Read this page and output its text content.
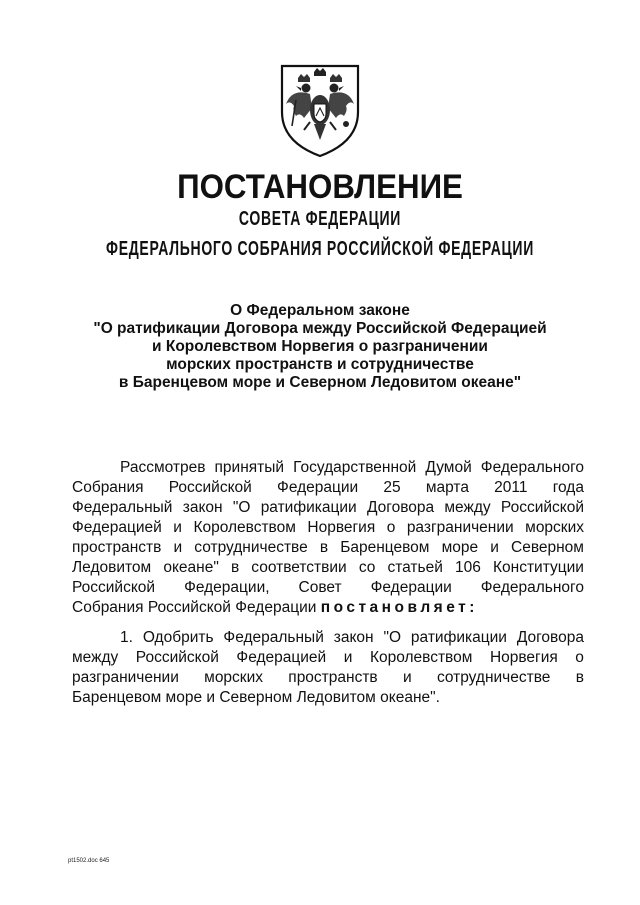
ПОСТАНОВЛЕНИЕ
СОВЕТА ФЕДЕРАЦИИ
ФЕДЕРАЛЬНОГО СОБРАНИЯ РОССИЙСКОЙ ФЕДЕРАЦИИ
О Федеральном законе
"О ратификации Договора между Российской Федерацией
и Королевством Норвегия о разграничении
морских пространств и сотрудничестве
в Баренцевом море и Северном Ледовитом океане"
Рассмотрев принятый Государственной Думой Федерального
Собрания Российской Федерации 25 марта 2011 года
Федеральный закон "О ратификации Договора между Российской
Федерацией и Королевством Норвегия о разграничении морских
пространств и сотрудничестве в Баренцевом море и Северном
Ледовитом океане" в соответствии со статьей 106 Конституции
Российской Федерации, Совет Федерации Федерального
Собрания Российской Федерации постановляет:
1. Одобрить Федеральный закон "О ратификации Договора
между Российской Федерацией и Королевством Норвегия о
разграничении морских пространств и сотрудничестве в
Баренцевом море и Северном Ледовитом океане".
pt1502.doc 645
